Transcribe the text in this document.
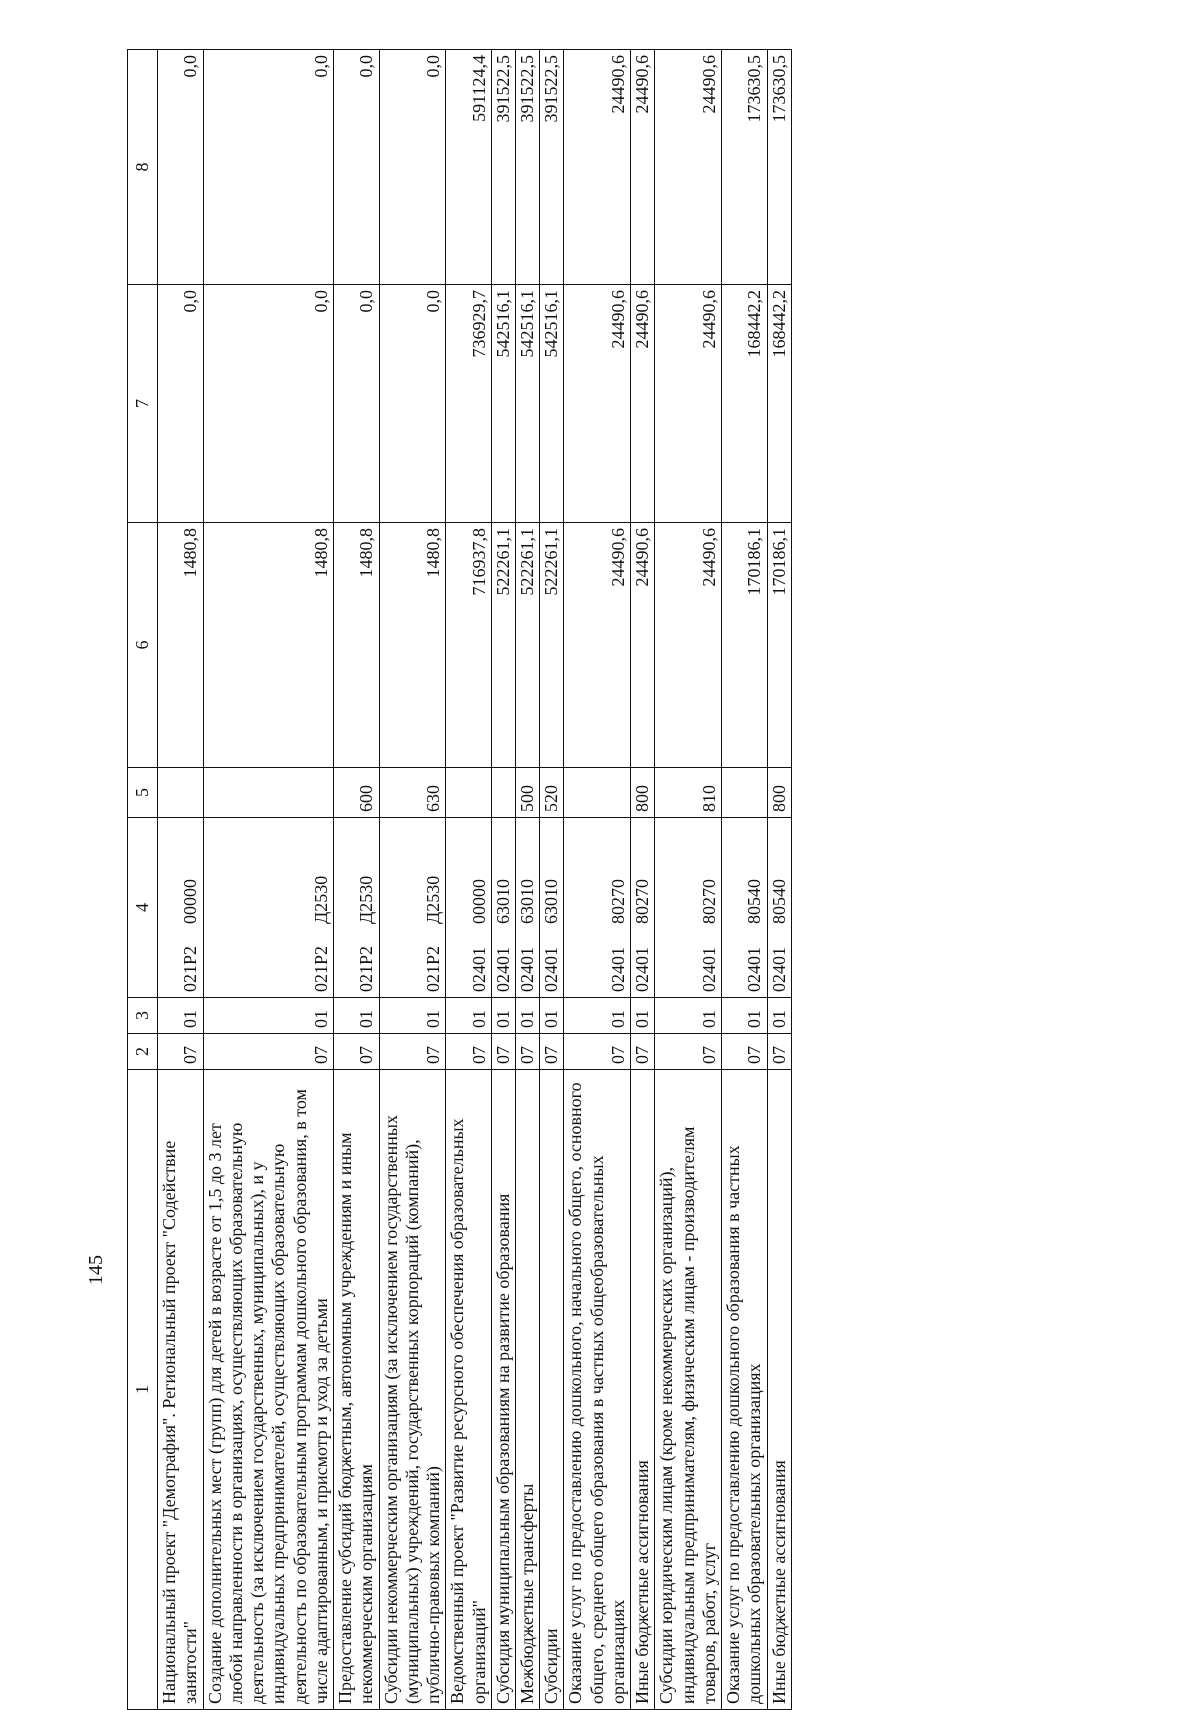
145
1	2	3	4	5	6	7	8
Национальный проект "Демография". Региональный проект "Содействие занятости"	07	01	021Р200000		1480,8	0,0	0,0
Создание дополнительных мест (групп) для детей в возрасте от 1,5 до 3 лет любой направленности в организациях, осуществляющих образовательную деятельность (за исключением государственных, муниципальных), и у индивидуальных предпринимателей, осуществляющих образовательную деятельность по образовательным программам дошкольного образования, в том числе адаптированным, и присмотр и уход за детьми	07	01	021Р2Д2530		1480,8	0,0	0,0
Предоставление субсидий бюджетным, автономным учреждениям и иным некоммерческим организациям	07	01	021Р2Д2530	600	1480,8	0,0	0,0
Субсидии некоммерческим организациям (за исключением государственных (муниципальных) учреждений, государственных корпораций (компаний), публично-правовых компаний)	07	01	021Р2Д2530	630	1480,8	0,0	0,0
Ведомственный проект "Развитие ресурсного обеспечения образовательных организаций"	07	01	0240100000		716937,8	736929,7	591124,4
Субсидия муниципальным образованиям на развитие образования	07	01	0240163010		522261,1	542516,1	391522,5
Межбюджетные трансферты	07	01	0240163010	500	522261,1	542516,1	391522,5
Субсидии	07	01	0240163010	520	522261,1	542516,1	391522,5
Оказание услуг по предоставлению дошкольного, начального общего, основного общего, среднего общего образования в частных общеобразовательных организациях	07	01	0240180270		24490,6	24490,6	24490,6
Иные бюджетные ассигнования	07	01	0240180270	800	24490,6	24490,6	24490,6
Субсидии юридическим лицам (кроме некоммерческих организаций), индивидуальным предпринимателям, физическим лицам - производителям товаров, работ, услуг	07	01	0240180270	810	24490,6	24490,6	24490,6
Оказание услуг по предоставлению дошкольного образования в частных дошкольных образовательных организациях	07	01	0240180540		170186,1	168442,2	173630,5
Иные бюджетные ассигнования	07	01	0240180540	800	170186,1	168442,2	173630,5
